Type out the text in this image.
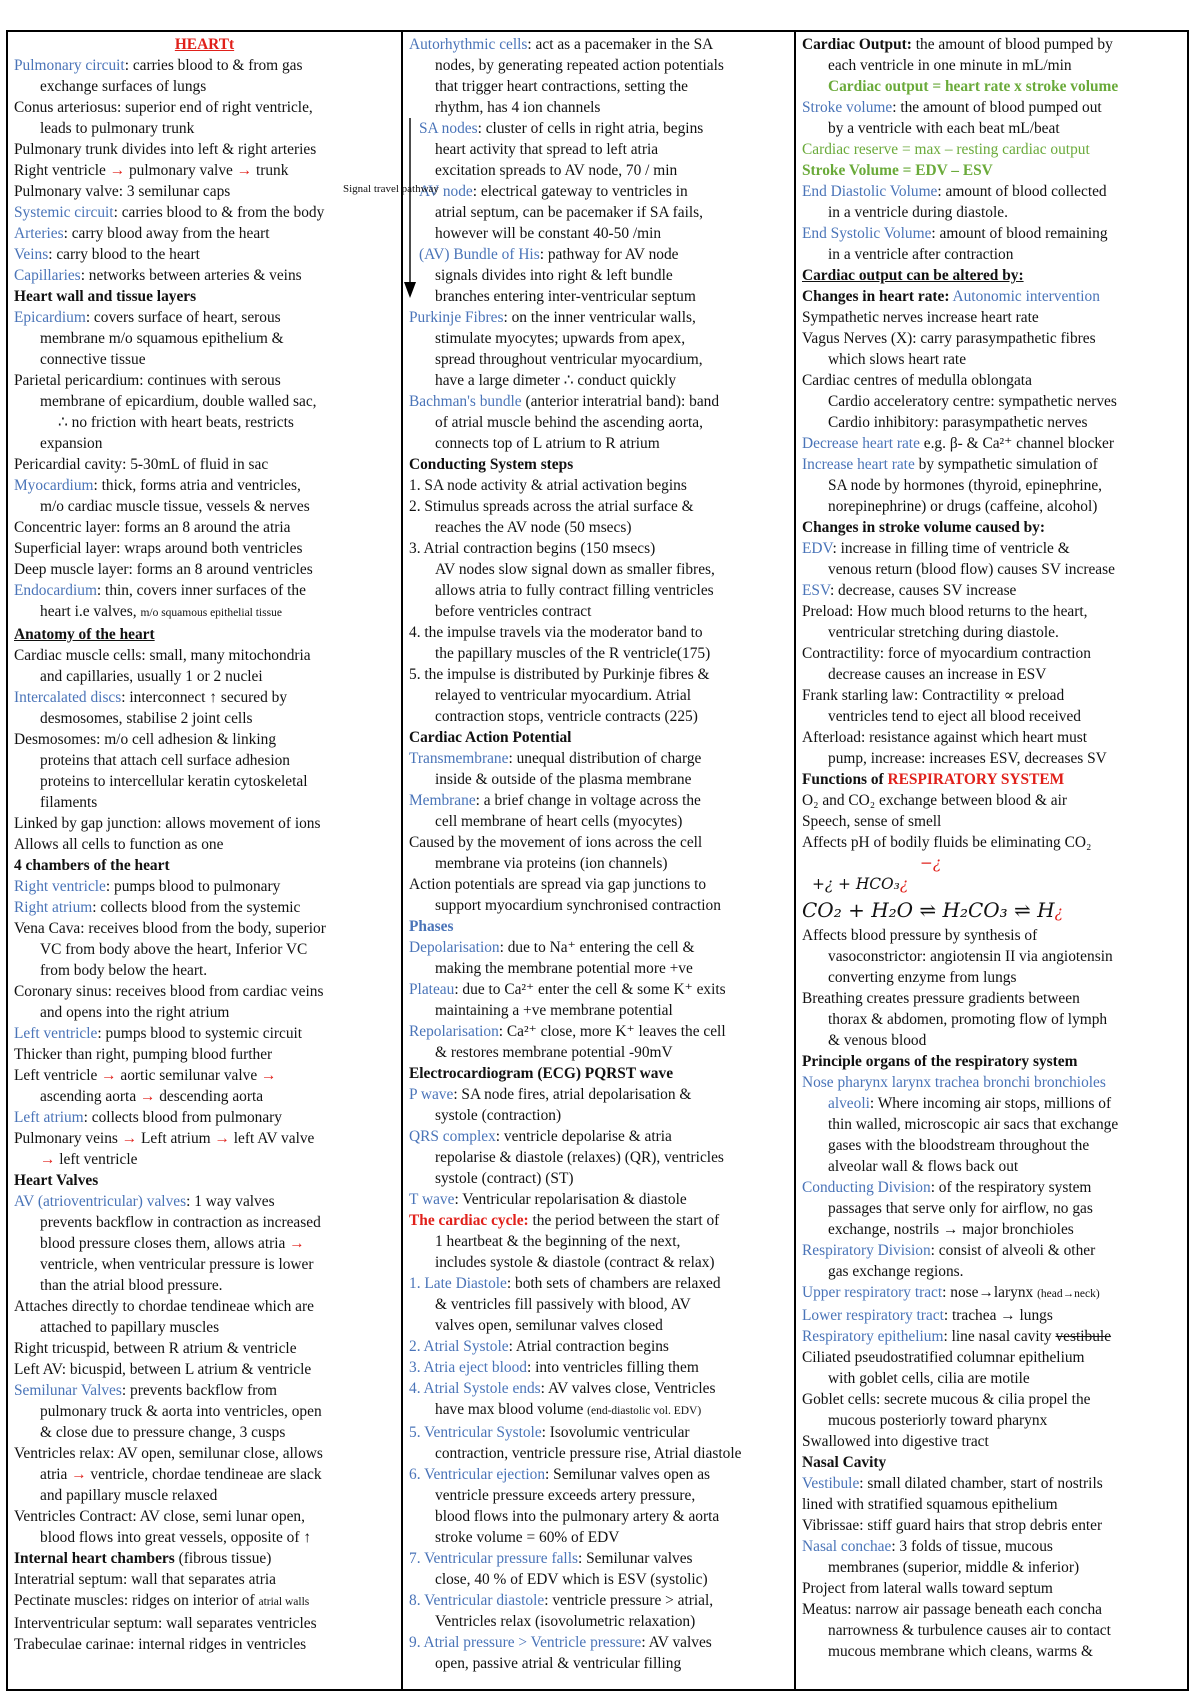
HEARTt
Pulmonary circuit: carries blood to & from gas
exchange surfaces of lungs
Conus arteriosus: superior end of right ventricle,
leads to pulmonary trunk
Pulmonary trunk divides into left & right arteries
Right ventricle → pulmonary valve → trunk
Pulmonary valve: 3 semilunar caps
Systemic circuit: carries blood to & from the body
Arteries: carry blood away from the heart
Veins: carry blood to the heart
Capillaries: networks between arteries & veins
Heart wall and tissue layers
Epicardium: covers surface of heart, serous
membrane m/o squamous epithelium &
connective tissue
Parietal pericardium: continues with serous
membrane of epicardium, double walled sac,
∴ no friction with heart beats, restricts
expansion
Pericardial cavity: 5-30mL of fluid in sac
Myocardium: thick, forms atria and ventricles,
m/o cardiac muscle tissue, vessels & nerves
Concentric layer: forms an 8 around the atria
Superficial layer: wraps around both ventricles
Deep muscle layer: forms an 8 around ventricles
Endocardium: thin, covers inner surfaces of the
heart i.e valves, m/o squamous epithelial tissue
Anatomy of the heart
Cardiac muscle cells: small, many mitochondria
and capillaries, usually 1 or 2 nuclei
Intercalated discs: interconnect ↑ secured by
desmosomes, stabilise 2 joint cells
Desmosomes: m/o cell adhesion & linking
proteins that attach cell surface adhesion
proteins to intercellular keratin cytoskeletal
filaments
Linked by gap junction: allows movement of ions
Allows all cells to function as one
4 chambers of the heart
Right ventricle: pumps blood to pulmonary
Right atrium: collects blood from the systemic
Vena Cava: receives blood from the body, superior
VC from body above the heart, Inferior VC
from body below the heart.
Coronary sinus: receives blood from cardiac veins
and opens into the right atrium
Left ventricle: pumps blood to systemic circuit
Thicker than right, pumping blood further
Left ventricle → aortic semilunar valve →
ascending aorta → descending aorta
Left atrium: collects blood from pulmonary
Pulmonary veins → Left atrium → left AV valve
→ left ventricle
Heart Valves
AV (atrioventricular) valves: 1 way valves
prevents backflow in contraction as increased
blood pressure closes them, allows atria →
ventricle, when ventricular pressure is lower
than the atrial blood pressure.
Attaches directly to chordae tendineae which are
attached to papillary muscles
Right tricuspid, between R atrium & ventricle
Left AV: bicuspid, between L atrium & ventricle
Semilunar Valves: prevents backflow from
pulmonary truck & aorta into ventricles, open
& close due to pressure change, 3 cusps
Ventricles relax: AV open, semilunar close, allows
atria → ventricle, chordae tendineae are slack
and papillary muscle relaxed
Ventricles Contract: AV close, semi lunar open,
blood flows into great vessels, opposite of ↑
Internal heart chambers (fibrous tissue)
Interatrial septum: wall that separates atria
Pectinate muscles: ridges on interior of atrial walls
Interventricular septum: wall separates ventricles
Trabeculae carinae: internal ridges in ventricles
Autorhythmic cells: act as a pacemaker in the SA
nodes, by generating repeated action potentials
that trigger heart contractions, setting the
rhythm, has 4 ion channels
SA nodes: cluster of cells in right atria, begins
heart activity that spread to left atria
excitation spreads to AV node, 70 / min
AV node: electrical gateway to ventricles in
atrial septum, can be pacemaker if SA fails,
however will be constant 40-50 /min
(AV) Bundle of His: pathway for AV node
signals divides into right & left bundle
branches entering inter-ventricular septum
Purkinje Fibres: on the inner ventricular walls,
stimulate myocytes; upwards from apex,
spread throughout ventricular myocardium,
have a large dimeter ∴ conduct quickly
Bachman's bundle (anterior interatrial band): band
of atrial muscle behind the ascending aorta,
connects top of L atrium to R atrium
Conducting System steps
1. SA node activity & atrial activation begins
2. Stimulus spreads across the atrial surface &
reaches the AV node (50 msecs)
3. Atrial contraction begins (150 msecs)
AV nodes slow signal down as smaller fibres,
allows atria to fully contract filling ventricles
before ventricles contract
4. the impulse travels via the moderator band to
the papillary muscles of the R ventricle(175)
5. the impulse is distributed by Purkinje fibres &
relayed to ventricular myocardium. Atrial
contraction stops, ventricle contracts (225)
Cardiac Action Potential
Transmembrane: unequal distribution of charge
inside & outside of the plasma membrane
Membrane: a brief change in voltage across the
cell membrane of heart cells (myocytes)
Caused by the movement of ions across the cell
membrane via proteins (ion channels)
Action potentials are spread via gap junctions to
support myocardium synchronised contraction
Phases
Depolarisation: due to Na⁺ entering the cell &
making the membrane potential more +ve
Plateau: due to Ca²⁺ enter the cell & some K⁺ exits
maintaining a +ve membrane potential
Repolarisation: Ca²⁺ close, more K⁺ leaves the cell
& restores membrane potential -90mV
Electrocardiogram (ECG) PQRST wave
P wave: SA node fires, atrial depolarisation &
systole (contraction)
QRS complex: ventricle depolarise & atria
repolarise & diastole (relaxes) (QR), ventricles
systole (contract) (ST)
T wave: Ventricular repolarisation & diastole
The cardiac cycle: the period between the start of
1 heartbeat & the beginning of the next,
includes systole & diastole (contract & relax)
1. Late Diastole: both sets of chambers are relaxed
& ventricles fill passively with blood, AV
valves open, semilunar valves closed
2. Atrial Systole: Atrial contraction begins
3. Atria eject blood: into ventricles filling them
4. Atrial Systole ends: AV valves close, Ventricles
have max blood volume (end-diastolic vol. EDV)
5. Ventricular Systole: Isovolumic ventricular
contraction, ventricle pressure rise, Atrial diastole
6. Ventricular ejection: Semilunar valves open as
ventricle pressure exceeds artery pressure,
blood flows into the pulmonary artery & aorta
stroke volume = 60% of EDV
7. Ventricular pressure falls: Semilunar valves
close, 40 % of EDV which is ESV (systolic)
8. Ventricular diastole: ventricle pressure > atrial,
Ventricles relax (isovolumetric relaxation)
9. Atrial pressure > Ventricle pressure: AV valves
open, passive atrial & ventricular filling
Cardiac Output: the amount of blood pumped by
each ventricle in one minute in mL/min
Cardiac output = heart rate x stroke volume
Stroke volume: the amount of blood pumped out
by a ventricle with each beat mL/beat
Cardiac reserve = max – resting cardiac output
Stroke Volume = EDV – ESV
End Diastolic Volume: amount of blood collected
in a ventricle during diastole.
End Systolic Volume: amount of blood remaining
in a ventricle after contraction
Cardiac output can be altered by:
Changes in heart rate: Autonomic intervention
Sympathetic nerves increase heart rate
Vagus Nerves (X): carry parasympathetic fibres
which slows heart rate
Cardiac centres of medulla oblongata
Cardio acceleratory centre: sympathetic nerves
Cardio inhibitory: parasympathetic nerves
Decrease heart rate e.g. β- & Ca²⁺ channel blocker
Increase heart rate by sympathetic simulation of
SA node by hormones (thyroid, epinephrine,
norepinephrine) or drugs (caffeine, alcohol)
Changes in stroke volume caused by:
EDV: increase in filling time of ventricle &
venous return (blood flow) causes SV increase
ESV: decrease, causes SV increase
Preload: How much blood returns to the heart,
ventricular stretching during diastole.
Contractility: force of myocardium contraction
decrease causes an increase in ESV
Frank starling law: Contractility ∝ preload
ventricles tend to eject all blood received
Afterload: resistance against which heart must
pump, increase: increases ESV, decreases SV
Functions of RESPIRATORY SYSTEM
O₂ and CO₂ exchange between blood & air
Speech, sense of smell
Affects pH of bodily fluids be eliminating CO₂
−¿
+¿ + HCO₃¿
CO₂ + H₂O ⇌ H₂CO₃ ⇌ H¿
Affects blood pressure by synthesis of
vasoconstrictor: angiotensin II via angiotensin
converting enzyme from lungs
Breathing creates pressure gradients between
thorax & abdomen, promoting flow of lymph
& venous blood
Principle organs of the respiratory system
Nose pharynx larynx trachea bronchi bronchioles
alveoli: Where incoming air stops, millions of
thin walled, microscopic air sacs that exchange
gases with the bloodstream throughout the
alveolar wall & flows back out
Conducting Division: of the respiratory system
passages that serve only for airflow, no gas
exchange, nostrils → major bronchioles
Respiratory Division: consist of alveoli & other
gas exchange regions.
Upper respiratory tract: nose→larynx (head→neck)
Lower respiratory tract: trachea → lungs
Respiratory epithelium: line nasal cavity vestibule
Ciliated pseudostratified columnar epithelium
with goblet cells, cilia are motile
Goblet cells: secrete mucous & cilia propel the
mucous posteriorly toward pharynx
Swallowed into digestive tract
Nasal Cavity
Vestibule: small dilated chamber, start of nostrils
lined with stratified squamous epithelium
Vibrissae: stiff guard hairs that strop debris enter
Nasal conchae: 3 folds of tissue, mucous
membranes (superior, middle & inferior)
Project from lateral walls toward septum
Meatus: narrow air passage beneath each concha
narrowness & turbulence causes air to contact
mucous membrane which cleans, warms &
Signal travel pathway
